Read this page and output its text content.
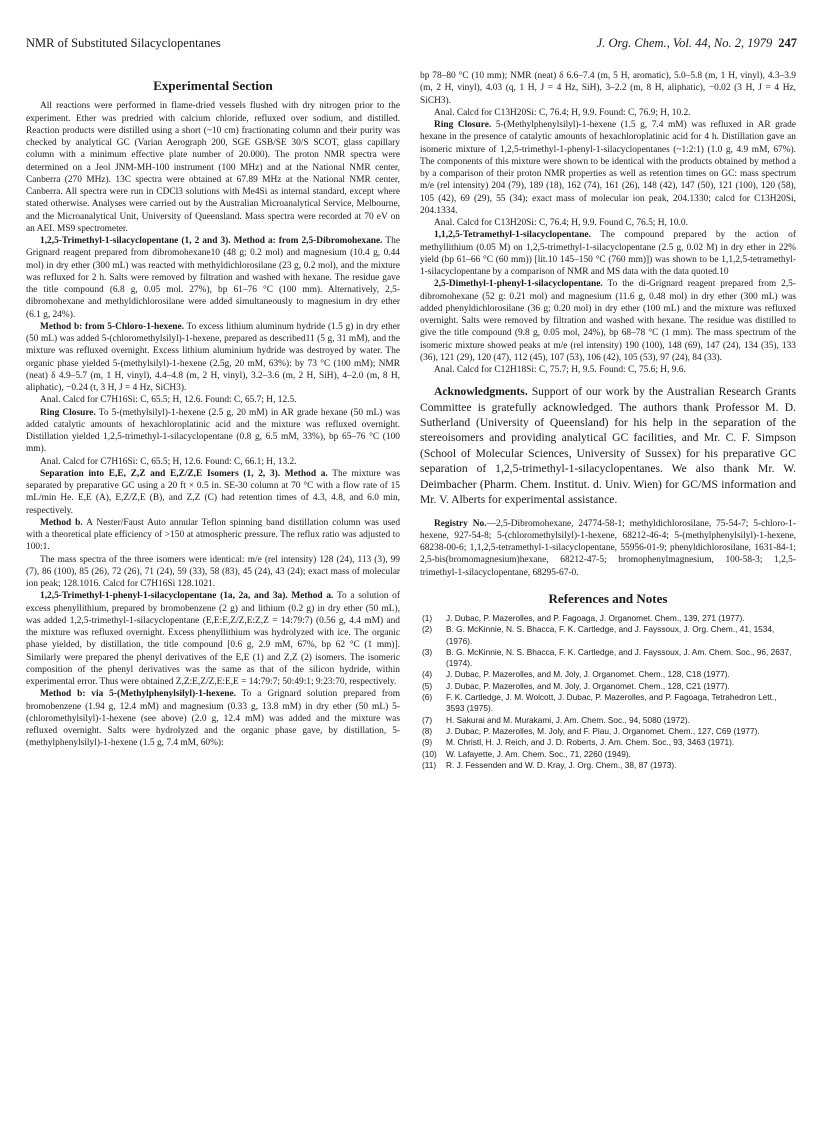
NMR of Substituted Silacyclopentanes	J. Org. Chem., Vol. 44, No. 2, 1979 247
Experimental Section

All reactions were performed in flame-dried vessels flushed with dry nitrogen prior to the experiment. Ether was predried with calcium chloride, refluxed over sodium, and distilled. Reaction products were distilled using a short (~10 cm) fractionating column and their purity was checked by analytical GC (Varian Aerograph 200, SGE GSB/SE 30/S SCOT, glass capillary column with a minimum effective plate number of 20.000). The proton NMR spectra were determined on a Jeol JNM-MH-100 instrument (100 MHz) and at the National NMR center, Canberra (270 MHz). 13C spectra were obtained at 67.89 MHz at the National NMR center, Canberra. All spectra were run in CDCl3 solutions with Me4Si as internal standard, except where stated otherwise. Analyses were carried out by the Australian Microanalytical Service, Melbourne, and the Microanalytical Unit, University of Queensland. Mass spectra were recorded at 70 eV on an AEI. MS9 spectrometer.

1,2,5-Trimethyl-1-silacyclopentane (1, 2 and 3). Method a: from 2,5-Dibromohexane. The Grignard reagent prepared from dibromohexane10 (48 g; 0.2 mol) and magnesium (10.4 g, 0.44 mol) in dry ether (300 mL) was reacted with methyldichlorosilane (23 g, 0.2 mol), and the mixture was refluxed for 2 h. Salts were removed by filtration and washed with hexane. The residue gave the title compound (6.8 g, 0.05 mol. 27%), bp 61–76 °C (100 mm). Alternatively, 2,5-dibromohexane and methyldichlorosilane were added simultaneously to magnesium in dry ether (6.1 g, 24%).

Method b: from 5-Chloro-1-hexene. To excess lithium aluminum hydride (1.5 g) in dry ether (50 mL) was added 5-(chloromethylsilyl)-1-hexene, prepared as described11 (5 g, 31 mM), and the mixture was refluxed overnight. Excess lithium aluminium hydride was destroyed by water. The organic phase yielded 5-(methylsilyl)-1-hexene (2.5g, 20 mM, 63%): by 73 °C (100 mM); NMR (neat) δ 4.9–5.7 (m, 1 H, vinyl), 4.4–4.8 (m, 2 H, vinyl), 3.2–3.6 (m, 2 H, SiH), 4–2.0 (m, 8 H, aliphatic), −0.24 (t, 3 H, J = 4 Hz, SiCH3).

Anal. Calcd for C7H16Si: C, 65.5; H, 12.6. Found: C, 65.7; H, 12.5.

Ring Closure. To 5-(methylsilyl)-1-hexene (2.5 g, 20 mM) in AR grade hexane (50 mL) was added catalytic amounts of hexachloroplatinic acid and the mixture was refluxed overnight. Distillation yielded 1,2,5-trimethyl-1-silacyclopentane (0.8 g, 6.5 mM, 33%), bp 65–76 °C (100 mm).

Anal. Calcd for C7H16Si: C, 65.5; H, 12.6. Found: C, 66.1; H, 13.2.

Separation into E,E, Z,Z and E,Z/Z,E Isomers (1, 2, 3). Method a. The mixture was separated by preparative GC using a 20 ft × 0.5 in. SE-30 column at 70 °C with a flow rate of 15 mL/min He. E,E (A), E,Z/Z,E (B), and Z,Z (C) had retention times of 4.3, 4.8, and 6.0 min, respectively.

Method b. A Nester/Faust Auto annular Teflon spinning band distillation column was used with a theoretical plate efficiency of >150 at atmospheric pressure. The reflux ratio was adjusted to 100:1.

The mass spectra of the three isomers were identical: m/e (rel intensity) 128 (24), 113 (3), 99 (7), 86 (100), 85 (26), 72 (26), 71 (24), 59 (33), 58 (83), 45 (24), 43 (24); exact mass of molecular ion peak; 128.1016. Calcd for C7H16Si 128.1021.

1,2,5-Trimethyl-1-phenyl-1-silacyclopentane (1a, 2a, and 3a). Method a. To a solution of excess phenyllithium, prepared by bromobenzene (2 g) and lithium (0.2 g) in dry ether (50 mL), was added 1,2,5-trimethyl-1-silacyclopentane (E,E:E,Z/Z,E:Z,Z = 14:79:7) (0.56 g, 4.4 mM) and the mixture was refluxed overnight. Excess phenyllithium was hydrolyzed with ice. The organic phase yielded, by distillation, the title compound [0.6 g, 2.9 mM, 67%, bp 62 °C (1 mm)]. Similarly were prepared the phenyl derivatives of the E,E (1) and Z,Z (2) isomers. The isomeric composition of the phenyl derivatives was the same as that of the silicon hydride, within experimental error. Thus were obtained Z,Z:E,Z/Z,E:E,E = 14:79:7; 50:49:1; 9:23:70, respectively.

Method b: via 5-(Methylphenylsilyl)-1-hexene. To a Grignard solution prepared from bromobenzene (1.94 g, 12.4 mM) and magnesium (0.33 g, 13.8 mM) in dry ether (50 mL) 5-(chloromethylsilyl)-1-hexene (see above) (2.0 g, 12.4 mM) was added and the mixture was refluxed overnight. Salts were hydrolyzed and the organic phase gave, by distillation, 5-(methylphenylsilyl)-1-hexene (1.5 g, 7.4 mM, 60%):

bp 78–80 °C (10 mm); NMR (neat) δ 6.6–7.4 (m, 5 H, aromatic), 5.0–5.8 (m, 1 H, vinyl), 4.3–3.9 (m, 2 H, vinyl), 4.03 (q, 1 H, J = 4 Hz, SiH), 3–2.2 (m, 8 H, aliphatic), −0.02 (3 H, J = 4 Hz, SiCH3).

Anal. Calcd for C13H20Si: C, 76.4; H, 9.9. Found: C, 76.9; H, 10.2.

Ring Closure. 5-(Methylphenylsilyl)-1-hexene (1.5 g, 7.4 mM) was refluxed in AR grade hexane in the presence of catalytic amounts of hexachloroplatinic acid for 4 h. Distillation gave an isomeric mixture of 1,2,5-trimethyl-1-phenyl-1-silacyclopentanes (~1:2:1) (1.0 g, 4.9 mM, 67%). The components of this mixture were shown to be identical with the products obtained by method a by a comparison of their proton NMR properties as well as retention times on GC: mass spectrum m/e (rel intensity) 204 (79), 189 (18), 162 (74), 161 (26), 148 (42), 147 (50), 121 (100), 120 (58), 105 (42), 69 (29), 55 (34); exact mass of molecular ion peak, 204.1330; calcd for C13H20Si, 204.1334.

Anal. Calcd for C13H20Si: C, 76.4; H, 9.9. Found C, 76.5; H, 10.0.

1,1,2,5-Tetramethyl-1-silacyclopentane. The compound prepared by the action of methyllithium (0.05 M) on 1,2,5-trimethyl-1-silacyclopentane (2.5 g, 0.02 M) in dry ether in 22% yield (bp 61–66 °C (60 mm)) [lit.10 145–150 °C (760 mm)]) was shown to be 1,1,2,5-tetramethyl-1-silacyclopentane by a comparison of NMR and MS data with the data quoted.10

2,5-Dimethyl-1-phenyl-1-silacyclopentane. To the di-Grignard reagent prepared from 2,5-dibromohexane (52 g: 0.21 mol) and magnesium (11.6 g, 0.48 mol) in dry ether (300 mL) was added phenyldichlorosilane (36 g; 0.20 mol) in dry ether (100 mL) and the mixture was refluxed overnight. Salts were removed by filtration and washed with hexane. The residue was distilled to give the title compound (9.8 g, 0.05 mol, 24%), bp 68–78 °C (1 mm). The mass spectrum of the isomeric mixture showed peaks at m/e (rel intensity) 190 (100), 148 (69), 147 (24), 134 (35), 133 (36), 121 (29), 120 (47), 112 (45), 107 (53), 106 (42), 105 (53), 97 (24), 84 (33).

Anal. Calcd for C12H18Si: C, 75.7; H, 9.5. Found: C, 75.6; H, 9.6.

Acknowledgments. Support of our work by the Australian Research Grants Committee is gratefully acknowledged. The authors thank Professor M. D. Sutherland (University of Queensland) for his help in the separation of the stereoisomers and providing analytical GC facilities, and Mr. C. F. Simpson (School of Molecular Sciences, University of Sussex) for his preparative GC separation of 1,2,5-trimethyl-1-silacyclopentanes. We also thank Mr. W. Deimbacher (Pharm. Chem. Institut. d. Univ. Wien) for GC/MS information and Mr. V. Alberts for experimental assistance.

Registry No.—2,5-Dibromohexane, 24774-58-1; methyldichlorosilane, 75-54-7; 5-chloro-1-hexene, 927-54-8; 5-(chloromethylsilyl)-1-hexene, 68212-46-4; 5-(methylphenylsilyl)-1-hexene, 68238-00-6; 1,1,2,5-tetramethyl-1-silacyclopentane, 55956-01-9; phenyldichlorosilane, 1631-84-1; 2,5-bis(bromomagnesium)hexane, 68212-47-5; bromophenylmagnesium, 100-58-3; 1,2,5-trimethyl-1-silacyclopentane, 68295-67-0.

References and Notes
(1) J. Dubac, P. Mazerolles, and P. Fagoaga, J. Organomet. Chem., 139, 271 (1977).
(2) B. G. McKinnie, N. S. Bhacca, F. K. Cartledge, and J. Fayssoux, J. Org. Chem., 41, 1534, (1976).
(3) B. G. McKinnie, N. S. Bhacca, F. K. Cartledge, and J. Fayssoux, J. Am. Chem. Soc., 96, 2637, (1974).
(4) J. Dubac, P. Mazerolles, and M. Joly, J. Organomet. Chem., 128, C18 (1977).
(5) J. Dubac, P. Mazerolles, and M. Joly, J. Organomet. Chem., 128, C21 (1977).
(6) F. K. Cartledge, J. M. Wolcott, J. Dubac, P. Mazerolles, and P. Fagoaga, Tetrahedron Lett., 3593 (1975).
(7) H. Sakurai and M. Murakami, J. Am. Chem. Soc., 94, 5080 (1972).
(8) J. Dubac, P. Mazerolles, M. Joly, and F. Piau, J. Organomet. Chem., 127, C69 (1977).
(9) M. Christl, H. J. Reich, and J. D. Roberts, J. Am. Chem. Soc., 93, 3463 (1971).
(10) W. Lafayette, J. Am. Chem. Soc., 71, 2260 (1949).
(11) R. J. Fessenden and W. D. Kray, J. Org. Chem., 38, 87 (1973).
